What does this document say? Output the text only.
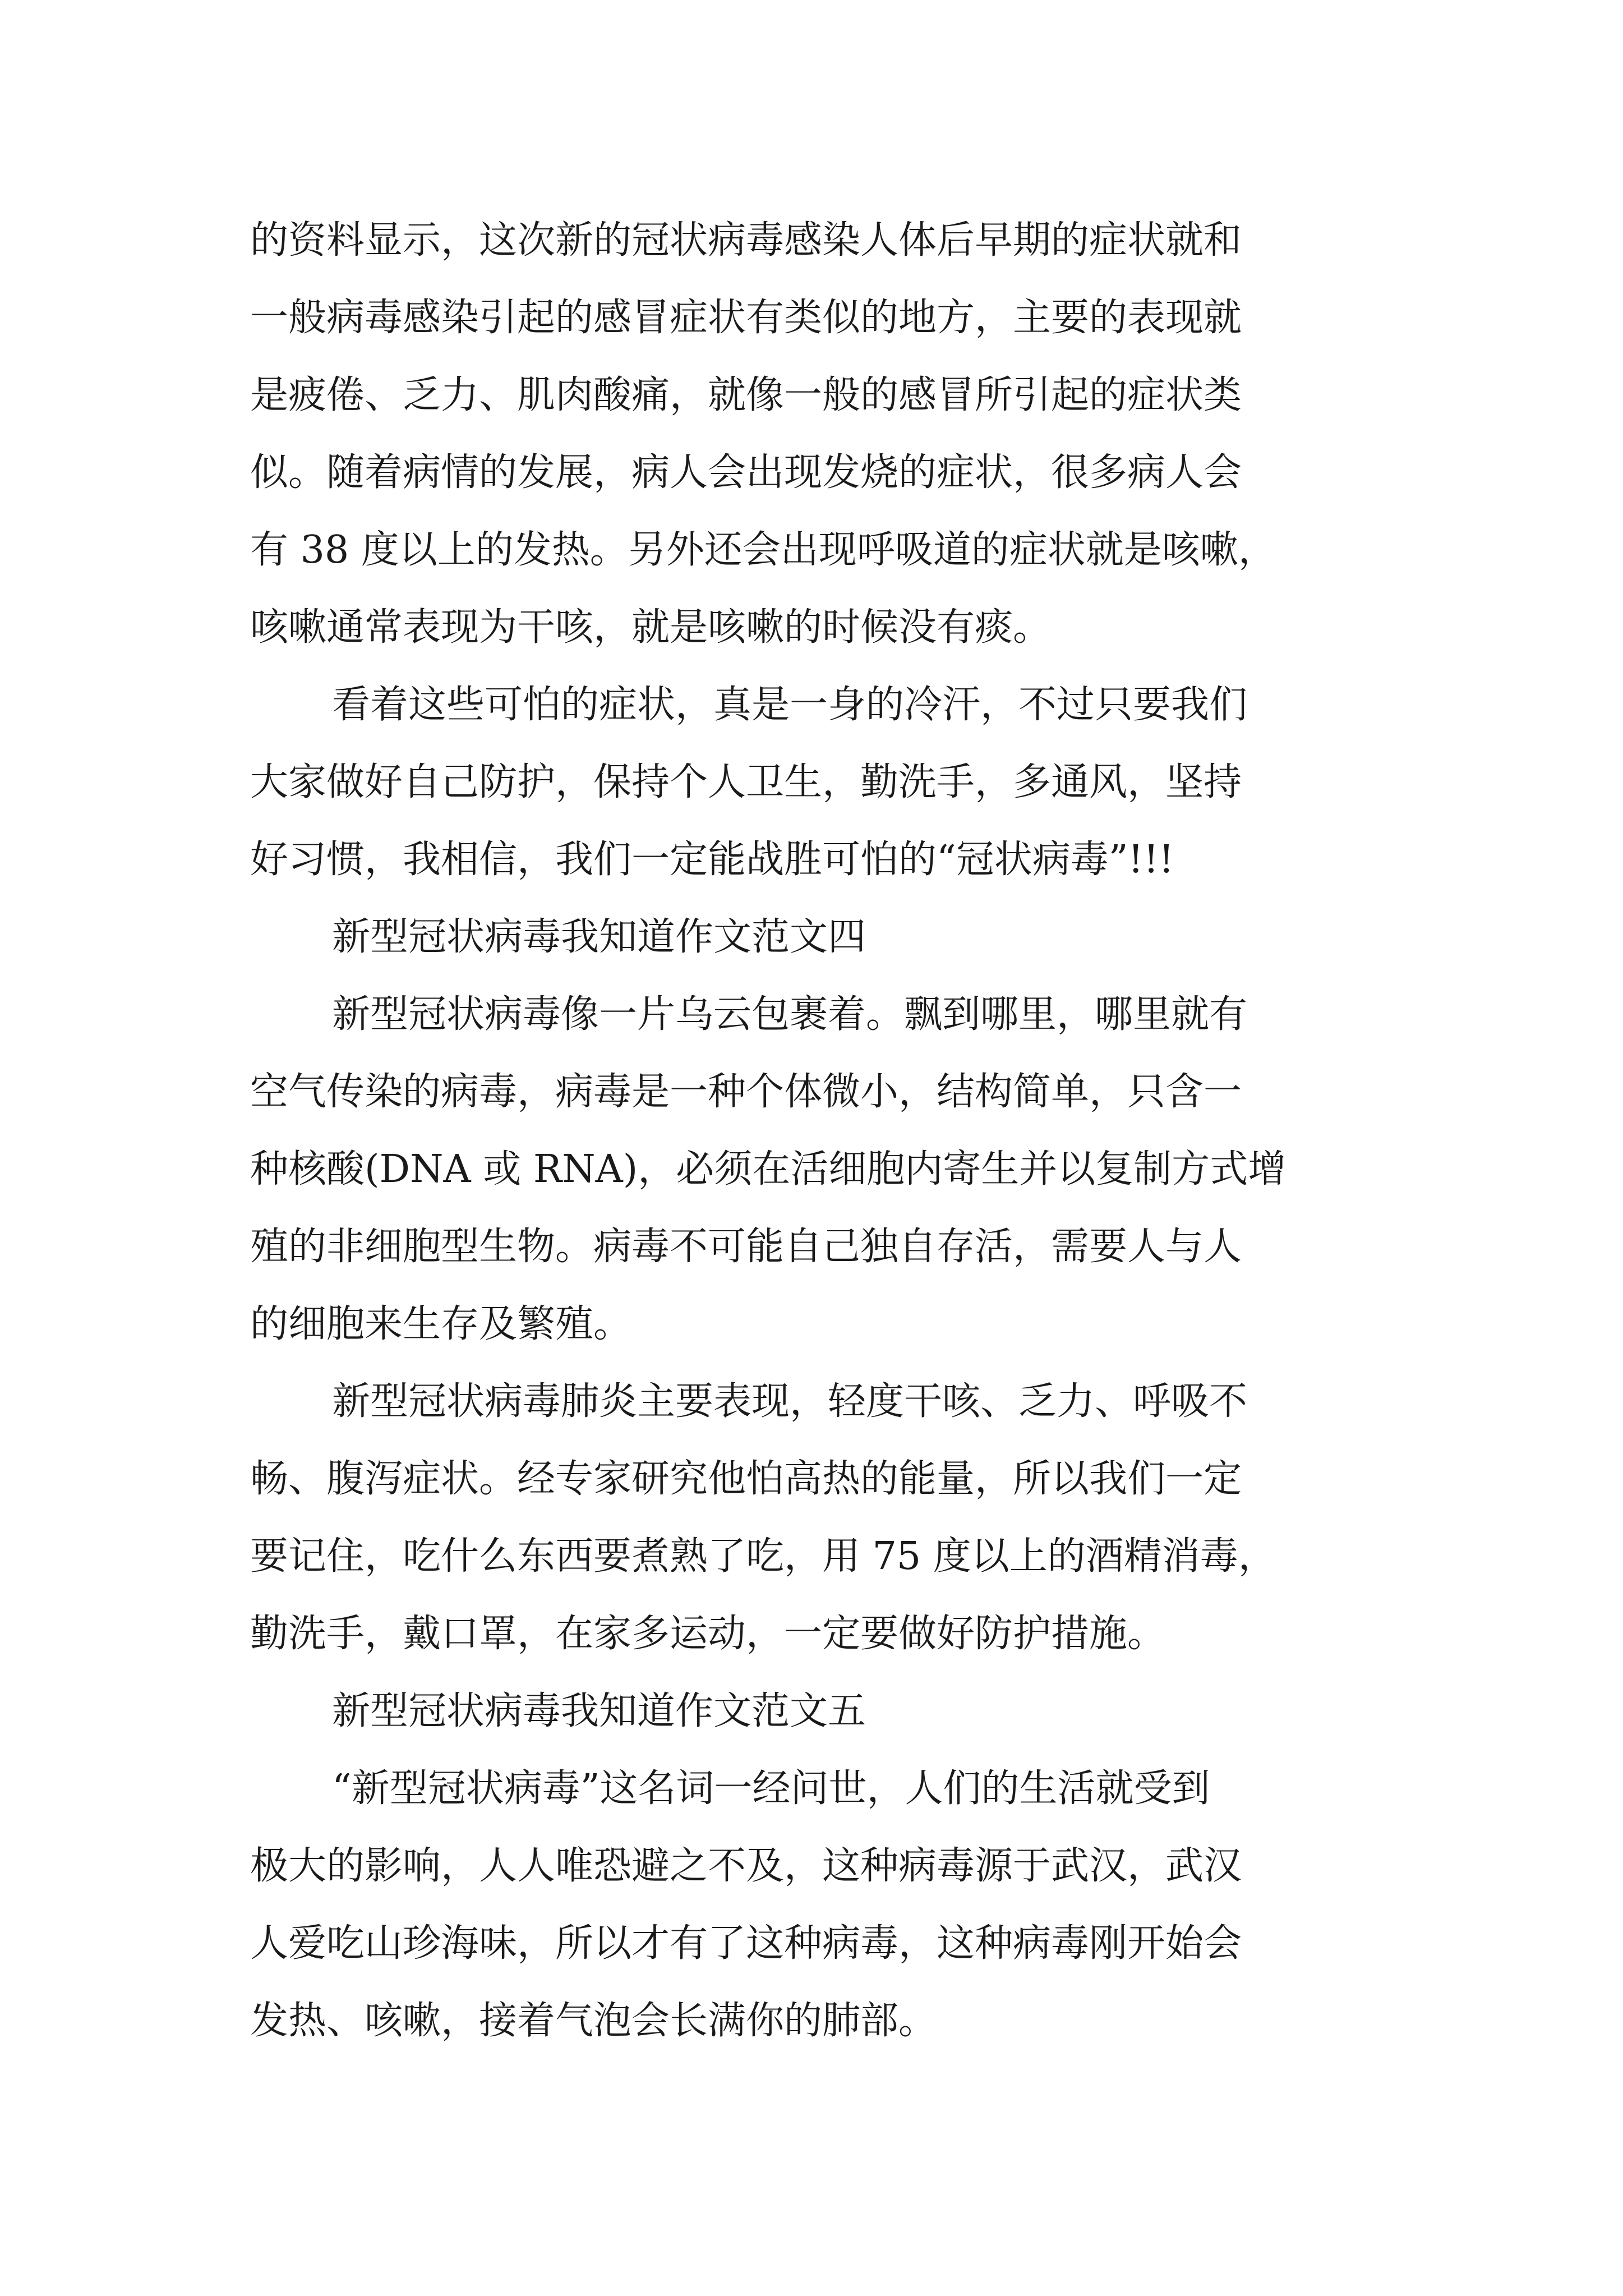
的资料显示，这次新的冠状病毒感染人体后早期的症状就和
一般病毒感染引起的感冒症状有类似的地方，主要的表现就
是疲倦、乏力、肌肉酸痛，就像一般的感冒所引起的症状类
似。随着病情的发展，病人会出现发烧的症状，很多病人会
有 38 度以上的发热。另外还会出现呼吸道的症状就是咳嗽，
咳嗽通常表现为干咳，就是咳嗽的时候没有痰。
看着这些可怕的症状，真是一身的冷汗，不过只要我们
大家做好自己防护，保持个人卫生，勤洗手，多通风，坚持
好习惯，我相信，我们一定能战胜可怕的“冠状病毒”!!!
新型冠状病毒我知道作文范文四
新型冠状病毒像一片乌云包裹着。飘到哪里，哪里就有
空气传染的病毒，病毒是一种个体微小，结构简单，只含一
种核酸(DNA 或 RNA)，必须在活细胞内寄生并以复制方式增
殖的非细胞型生物。病毒不可能自己独自存活，需要人与人
的细胞来生存及繁殖。
新型冠状病毒肺炎主要表现，轻度干咳、乏力、呼吸不
畅、腹泻症状。经专家研究他怕高热的能量，所以我们一定
要记住，吃什么东西要煮熟了吃，用 75 度以上的酒精消毒，
勤洗手，戴口罩，在家多运动，一定要做好防护措施。
新型冠状病毒我知道作文范文五
“新型冠状病毒”这名词一经问世，人们的生活就受到
极大的影响，人人唯恐避之不及，这种病毒源于武汉，武汉
人爱吃山珍海味，所以才有了这种病毒，这种病毒刚开始会
发热、咳嗽，接着气泡会长满你的肺部。
